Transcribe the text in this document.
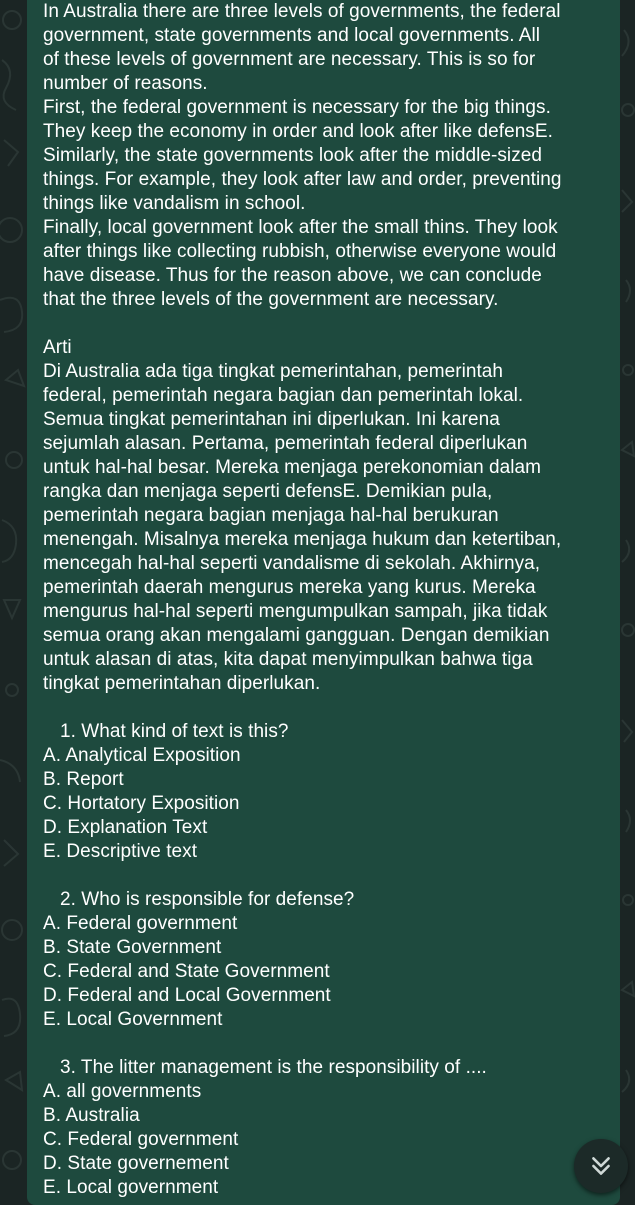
In Australia there are three levels of governments, the federal
government, state governments and local governments. All
of these levels of government are necessary. This is so for
number of reasons.
First, the federal government is necessary for the big things.
They keep the economy in order and look after like defensE.
Similarly, the state governments look after the middle-sized
things. For example, they look after law and order, preventing
things like vandalism in school.
Finally, local government look after the small thins. They look
after things like collecting rubbish, otherwise everyone would
have disease. Thus for the reason above, we can conclude
that the three levels of the government are necessary.
Arti
Di Australia ada tiga tingkat pemerintahan, pemerintah
federal, pemerintah negara bagian dan pemerintah lokal.
Semua tingkat pemerintahan ini diperlukan. Ini karena
sejumlah alasan. Pertama, pemerintah federal diperlukan
untuk hal-hal besar. Mereka menjaga perekonomian dalam
rangka dan menjaga seperti defensE. Demikian pula,
pemerintah negara bagian menjaga hal-hal berukuran
menengah. Misalnya mereka menjaga hukum dan ketertiban,
mencegah hal-hal seperti vandalisme di sekolah. Akhirnya,
pemerintah daerah mengurus mereka yang kurus. Mereka
mengurus hal-hal seperti mengumpulkan sampah, jika tidak
semua orang akan mengalami gangguan. Dengan demikian
untuk alasan di atas, kita dapat menyimpulkan bahwa tiga
tingkat pemerintahan diperlukan.
1. What kind of text is this?
A. Analytical Exposition
B. Report
C. Hortatory Exposition
D. Explanation Text
E. Descriptive text
2. Who is responsible for defense?
A. Federal government
B. State Government
C. Federal and State Government
D. Federal and Local Government
E. Local Government
3. The litter management is the responsibility of ....
A. all governments
B. Australia
C. Federal government
D. State governement
E. Local government
